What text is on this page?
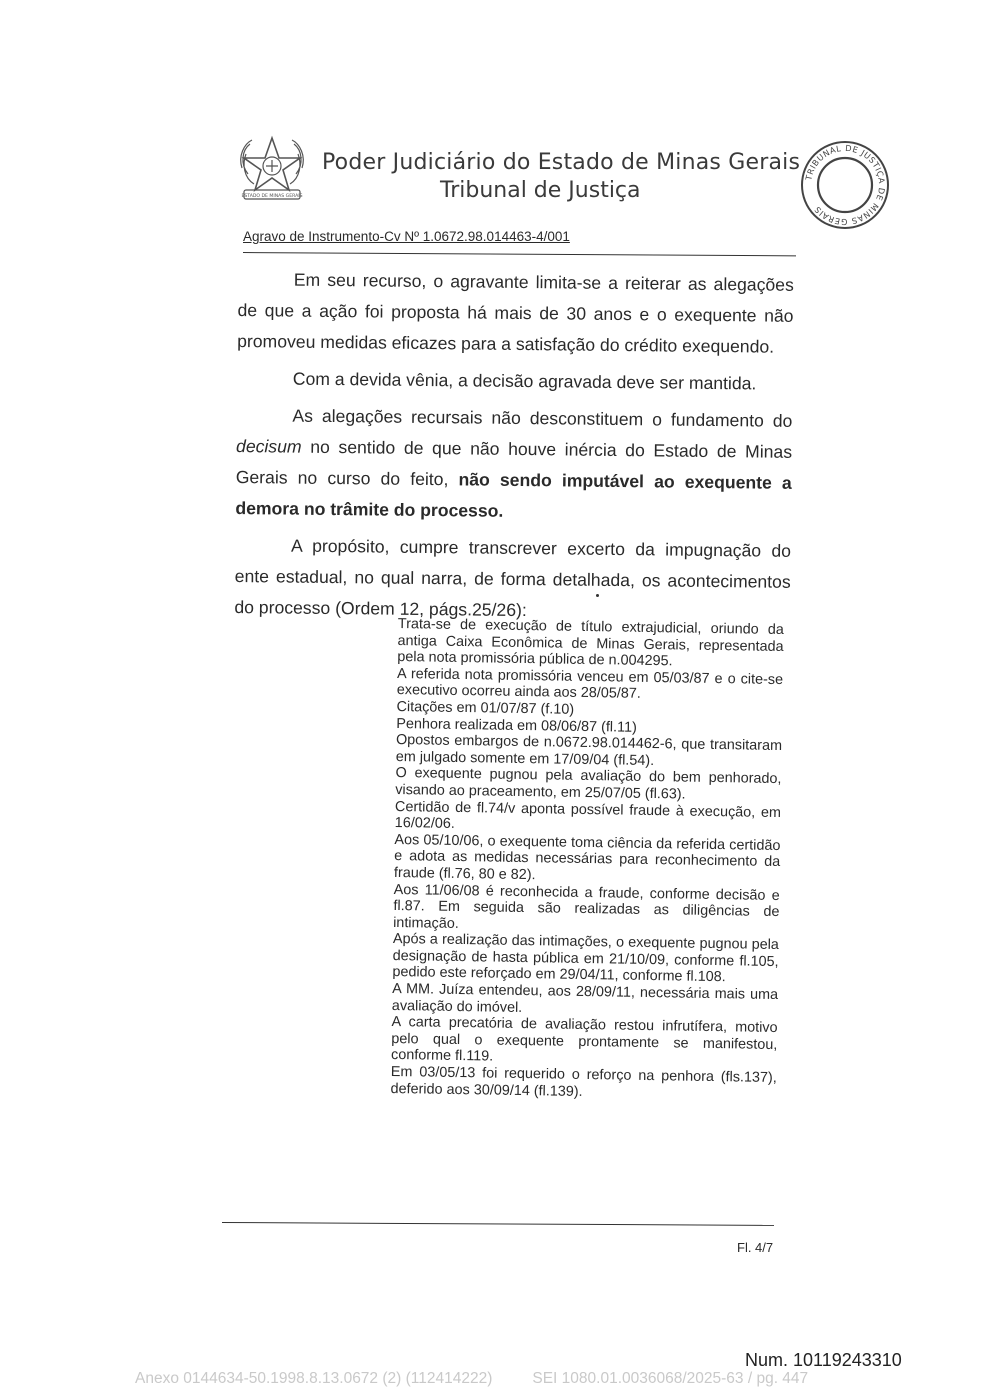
ESTADO DE MINAS GERAIS
Poder Judiciário do Estado de Minas Gerais
Tribunal de Justiça
TRIBUNAL DE JUSTIÇA DE MINAS GERAIS
Agravo de Instrumento-Cv Nº 1.0672.98.014463-4/001

Em seu recurso, o agravante limita-se a reiterar as alegações de que a ação foi proposta há mais de 30 anos e o exequente não promoveu medidas eficazes para a satisfação do crédito exequendo.

Com a devida vênia, a decisão agravada deve ser mantida.

As alegações recursais não desconstituem o fundamento do decisum no sentido de que não houve inércia do Estado de Minas Gerais no curso do feito, não sendo imputável ao exequente a demora no trâmite do processo.

A propósito, cumpre transcrever excerto da impugnação do ente estadual, no qual narra, de forma detalhada, os acontecimentos do processo (Ordem 12, págs.25/26):

Trata-se de execução de título extrajudicial, oriundo da antiga Caixa Econômica de Minas Gerais, representada pela nota promissória pública de n.004295.

A referida nota promissória venceu em 05/03/87 e o cite-se executivo ocorreu ainda aos 28/05/87.

Citações em 01/07/87 (f.10)

Penhora realizada em 08/06/87 (fl.11)

Opostos embargos de n.0672.98.014462-6, que transitaram em julgado somente em 17/09/04 (fl.54).

O exequente pugnou pela avaliação do bem penhorado, visando ao praceamento, em 25/07/05 (fl.63).

Certidão de fl.74/v aponta possível fraude à execução, em 16/02/06.

Aos 05/10/06, o exequente toma ciência da referida certidão e adota as medidas necessárias para reconhecimento da fraude (fl.76, 80 e 82).

Aos 11/06/08 é reconhecida a fraude, conforme decisão e fl.87. Em seguida são realizadas as diligências de intimação.

Após a realização das intimações, o exequente pugnou pela designação de hasta pública em 21/10/09, conforme fl.105, pedido este reforçado em 29/04/11, conforme fl.108.

A MM. Juíza entendeu, aos 28/09/11, necessária mais uma avaliação do imóvel.

A carta precatória de avaliação restou infrutífera, motivo pelo qual o exequente prontamente se manifestou, conforme fl.119.

Em 03/05/13 foi requerido o reforço na penhora (fls.137), deferido aos 30/09/14 (fl.139).

Fl. 4/7
Num. 10119243310
Anexo 0144634-50.1998.8.13.0672 (2) (112414222)	SEI 1080.01.0036068/2025-63 / pg. 447
